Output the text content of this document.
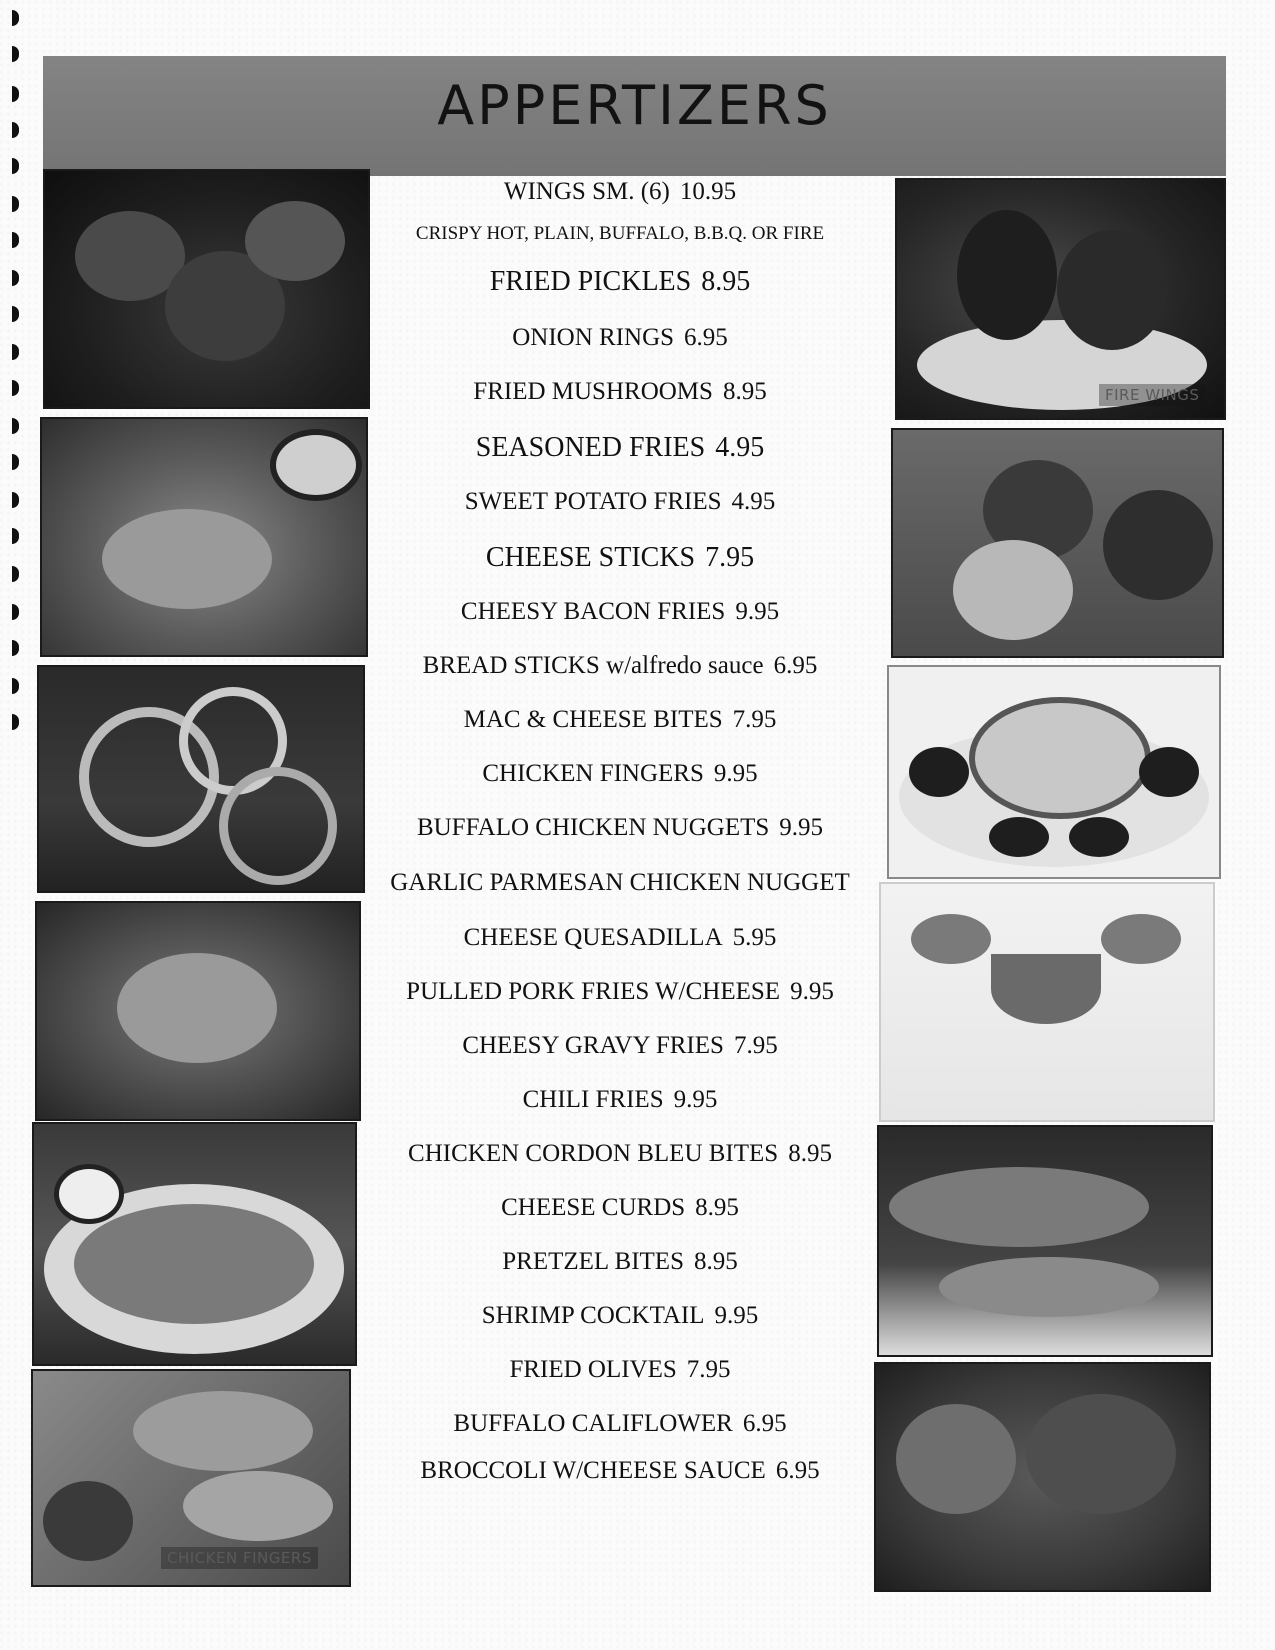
APPERTIZERS
CHICKEN FINGERS
FIRE WINGS
WINGS SM. (6) 10.95
CRISPY HOT, PLAIN, BUFFALO, B.B.Q. OR FIRE
FRIED PICKLES 8.95
ONION RINGS 6.95
FRIED MUSHROOMS 8.95
SEASONED FRIES 4.95
SWEET POTATO FRIES 4.95
CHEESE STICKS 7.95
CHEESY BACON FRIES 9.95
BREAD STICKS w/alfredo sauce 6.95
MAC & CHEESE BITES 7.95
CHICKEN FINGERS 9.95
BUFFALO CHICKEN NUGGETS 9.95
GARLIC PARMESAN CHICKEN NUGGET
CHEESE QUESADILLA 5.95
PULLED PORK FRIES W/CHEESE 9.95
CHEESY GRAVY FRIES 7.95
CHILI FRIES 9.95
CHICKEN CORDON BLEU BITES 8.95
CHEESE CURDS 8.95
PRETZEL BITES 8.95
SHRIMP COCKTAIL 9.95
FRIED OLIVES 7.95
BUFFALO CALIFLOWER 6.95
BROCCOLI W/CHEESE SAUCE 6.95
